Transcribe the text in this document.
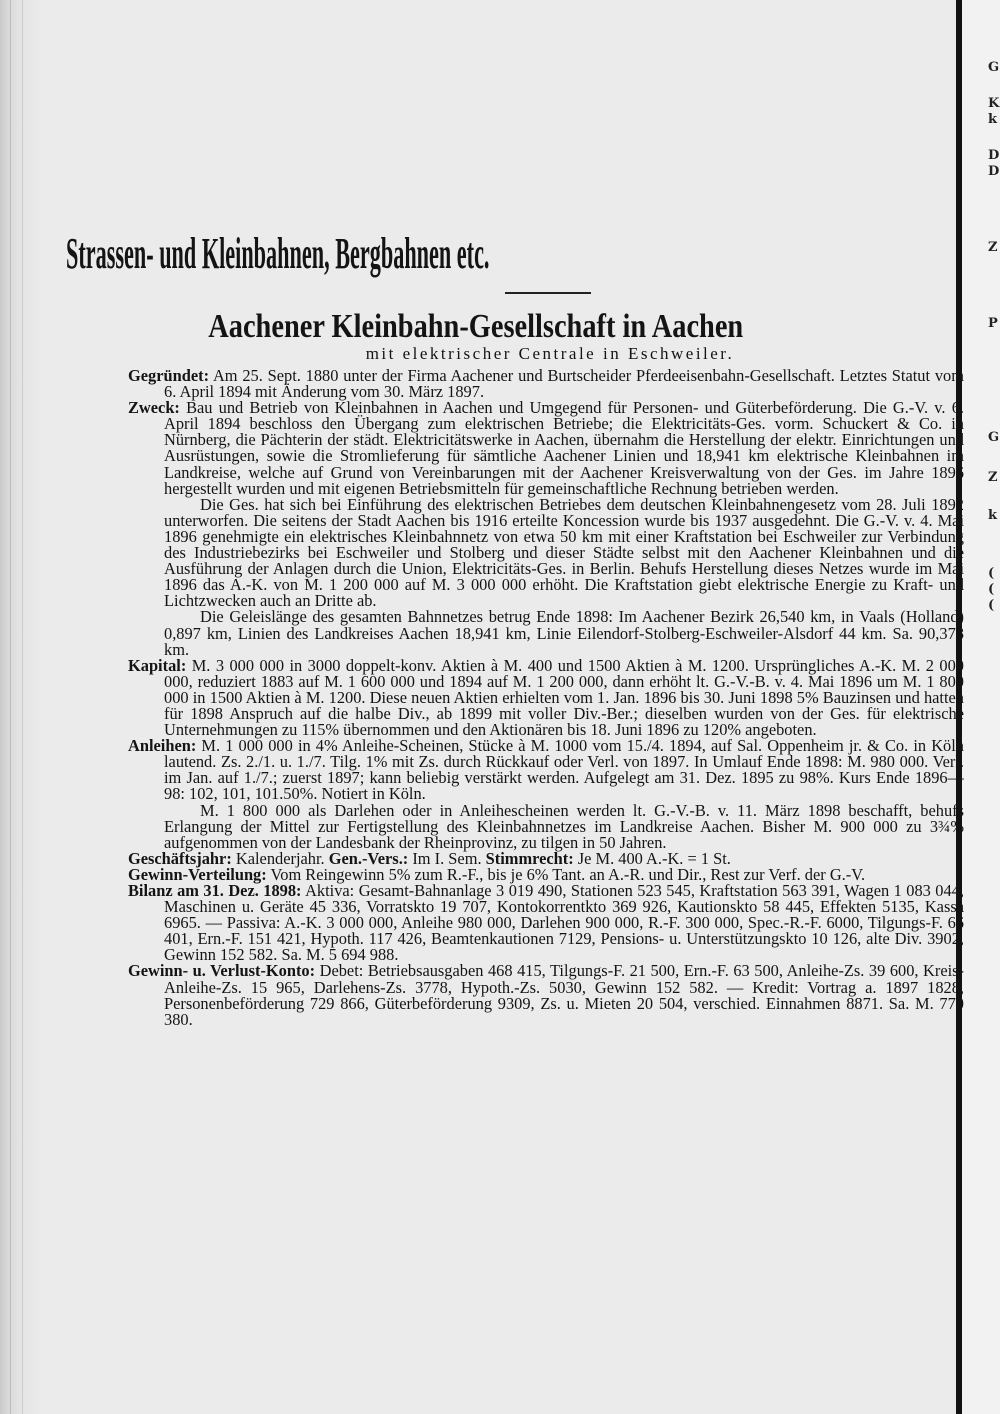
G
K
k
D
D
Z
P
G
Z
k
(
(
(
Strassen- und Kleinbahnen, Bergbahnen etc.
Aachener Kleinbahn-Gesellschaft in Aachen
mit elektrischer Centrale in Eschweiler.

Gegründet: Am 25. Sept. 1880 unter der Firma Aachener und Burtscheider Pferdeeisenbahn-Gesellschaft. Letztes Statut vom 6. April 1894 mit Änderung vom 30. März 1897.

Zweck: Bau und Betrieb von Kleinbahnen in Aachen und Umgegend für Personen- und Güterbeförderung. Die G.-V. v. 6. April 1894 beschloss den Übergang zum elektrischen Betriebe; die Elektricitäts-Ges. vorm. Schuckert & Co. in Nürnberg, die Pächterin der städt. Elektricitätswerke in Aachen, übernahm die Herstellung der elektr. Einrichtungen und Ausrüstungen, sowie die Stromlieferung für sämtliche Aachener Linien und 18,941 km elektrische Kleinbahnen im Landkreise, welche auf Grund von Vereinbarungen mit der Aachener Kreisverwaltung von der Ges. im Jahre 1896 hergestellt wurden und mit eigenen Betriebsmitteln für gemeinschaftliche Rechnung betrieben werden.

Die Ges. hat sich bei Einführung des elektrischen Betriebes dem deutschen Kleinbahnengesetz vom 28. Juli 1892 unterworfen. Die seitens der Stadt Aachen bis 1916 erteilte Koncession wurde bis 1937 ausgedehnt. Die G.-V. v. 4. Mai 1896 genehmigte ein elektrisches Kleinbahnnetz von etwa 50 km mit einer Kraftstation bei Eschweiler zur Verbindung des Industriebezirks bei Eschweiler und Stolberg und dieser Städte selbst mit den Aachener Kleinbahnen und die Ausführung der Anlagen durch die Union, Elektricitäts-Ges. in Berlin. Behufs Herstellung dieses Netzes wurde im Mai 1896 das A.-K. von M. 1 200 000 auf M. 3 000 000 erhöht. Die Kraftstation giebt elektrische Energie zu Kraft- und Lichtzwecken auch an Dritte ab.

Die Geleislänge des gesamten Bahnnetzes betrug Ende 1898: Im Aachener Bezirk 26,540 km, in Vaals (Holland) 0,897 km, Linien des Landkreises Aachen 18,941 km, Linie Eilendorf-Stolberg-Eschweiler-Alsdorf 44 km. Sa. 90,378 km.

Kapital: M. 3 000 000 in 3000 doppelt-konv. Aktien à M. 400 und 1500 Aktien à M. 1200. Ursprüngliches A.-K. M. 2 000 000, reduziert 1883 auf M. 1 600 000 und 1894 auf M. 1 200 000, dann erhöht lt. G.-V.-B. v. 4. Mai 1896 um M. 1 800 000 in 1500 Aktien à M. 1200. Diese neuen Aktien erhielten vom 1. Jan. 1896 bis 30. Juni 1898 5% Bauzinsen und hatten für 1898 Anspruch auf die halbe Div., ab 1899 mit voller Div.-Ber.; dieselben wurden von der Ges. für elektrische Unternehmungen zu 115% übernommen und den Aktionären bis 18. Juni 1896 zu 120% angeboten.

Anleihen: M. 1 000 000 in 4% Anleihe-Scheinen, Stücke à M. 1000 vom 15./4. 1894, auf Sal. Oppenheim jr. & Co. in Köln lautend. Zs. 2./1. u. 1./7. Tilg. 1% mit Zs. durch Rückkauf oder Verl. von 1897. In Umlauf Ende 1898: M. 980 000. Verl. im Jan. auf 1./7.; zuerst 1897; kann beliebig verstärkt werden. Aufgelegt am 31. Dez. 1895 zu 98%. Kurs Ende 1896—98: 102, 101, 101.50%. Notiert in Köln.

M. 1 800 000 als Darlehen oder in Anleihescheinen werden lt. G.-V.-B. v. 11. März 1898 beschafft, behufs Erlangung der Mittel zur Fertigstellung des Kleinbahnnetzes im Landkreise Aachen. Bisher M. 900 000 zu 3¾% aufgenommen von der Landesbank der Rheinprovinz, zu tilgen in 50 Jahren.

Geschäftsjahr: Kalenderjahr. Gen.-Vers.: Im I. Sem. Stimmrecht: Je M. 400 A.-K. = 1 St.

Gewinn-Verteilung: Vom Reingewinn 5% zum R.-F., bis je 6% Tant. an A.-R. und Dir., Rest zur Verf. der G.-V.

Bilanz am 31. Dez. 1898: Aktiva: Gesamt-Bahnanlage 3 019 490, Stationen 523 545, Kraftstation 563 391, Wagen 1 083 044, Maschinen u. Geräte 45 336, Vorratskto 19 707, Kontokorrentkto 369 926, Kautionskto 58 445, Effekten 5135, Kassa 6965. — Passiva: A.-K. 3 000 000, Anleihe 980 000, Darlehen 900 000, R.-F. 300 000, Spec.-R.-F. 6000, Tilgungs-F. 66 401, Ern.-F. 151 421, Hypoth. 117 426, Beamtenkautionen 7129, Pensions- u. Unterstützungskto 10 126, alte Div. 3902, Gewinn 152 582. Sa. M. 5 694 988.

Gewinn- u. Verlust-Konto: Debet: Betriebsausgaben 468 415, Tilgungs-F. 21 500, Ern.-F. 63 500, Anleihe-Zs. 39 600, Kreis-Anleihe-Zs. 15 965, Darlehens-Zs. 3778, Hypoth.-Zs. 5030, Gewinn 152 582. — Kredit: Vortrag a. 1897 1828, Personenbeförderung 729 866, Güterbeförderung 9309, Zs. u. Mieten 20 504, verschied. Einnahmen 8871. Sa. M. 770 380.
